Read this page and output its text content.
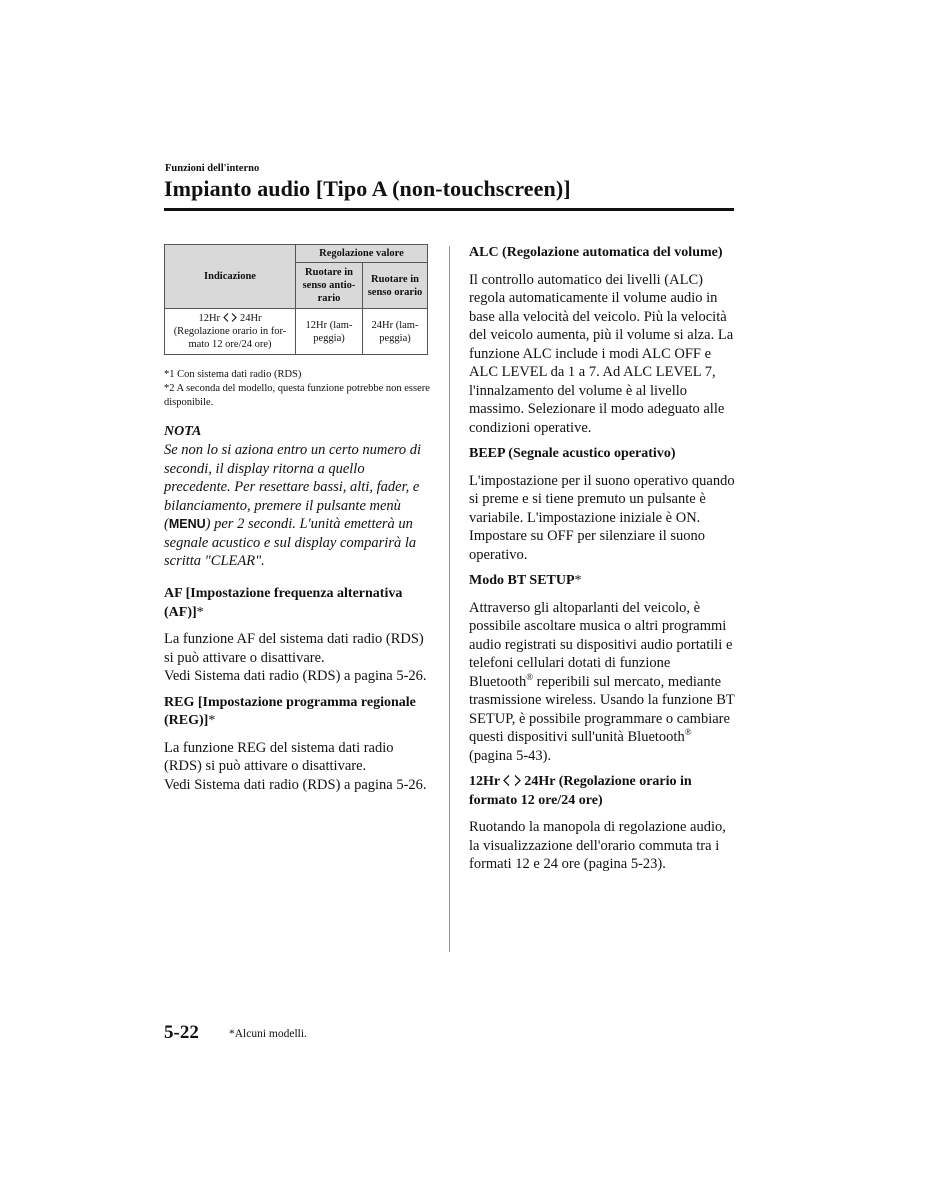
Funzioni dell'interno
Impianto audio [Tipo A (non-touchscreen)]
Indicazione	Regolazione valore	
	Ruotare in senso antio-rario	Ruotare in senso orario
12Hr 24Hr
(Regolazione orario in for-mato 12 ore/24 ore)	12Hr (lam-peggia)	24Hr (lam-peggia)

*1 Con sistema dati radio (RDS)

*2 A seconda del modello, questa funzione potrebbe non essere disponibile.

NOTA

Se non lo si aziona entro un certo numero di secondi, il display ritorna a quello precedente. Per resettare bassi, alti, fader, e bilanciamento, premere il pulsante menù (MENU) per 2 secondi. L'unità emetterà un segnale acustico e sul display comparirà la scritta "CLEAR".

AF [Impostazione frequenza alternativa (AF)]*

La funzione AF del sistema dati radio (RDS) si può attivare o disattivare.

Vedi Sistema dati radio (RDS) a pagina 5-26.

REG [Impostazione programma regionale (REG)]*

La funzione REG del sistema dati radio (RDS) si può attivare o disattivare.

Vedi Sistema dati radio (RDS) a pagina 5-26.

ALC (Regolazione automatica del volume)

Il controllo automatico dei livelli (ALC) regola automaticamente il volume audio in base alla velocità del veicolo. Più la velocità del veicolo aumenta, più il volume si alza. La funzione ALC include i modi ALC OFF e ALC LEVEL da 1 a 7. Ad ALC LEVEL 7, l'innalzamento del volume è al livello massimo. Selezionare il modo adeguato alle condizioni operative.

BEEP (Segnale acustico operativo)

L'impostazione per il suono operativo quando si preme e si tiene premuto un pulsante è variabile. L'impostazione iniziale è ON. Impostare su OFF per silenziare il suono operativo.

Modo BT SETUP*

Attraverso gli altoparlanti del veicolo, è possibile ascoltare musica o altri programmi audio registrati su dispositivi audio portatili e telefoni cellulari dotati di funzione Bluetooth® reperibili sul mercato, mediante trasmissione wireless. Usando la funzione BT SETUP, è possibile programmare o cambiare questi dispositivi sull'unità Bluetooth® (pagina 5-43).

12Hr 24Hr (Regolazione orario in formato 12 ore/24 ore)

Ruotando la manopola di regolazione audio, la visualizzazione dell'orario commuta tra i formati 12 e 24 ore (pagina 5-23).

5-22	*Alcuni modelli.
